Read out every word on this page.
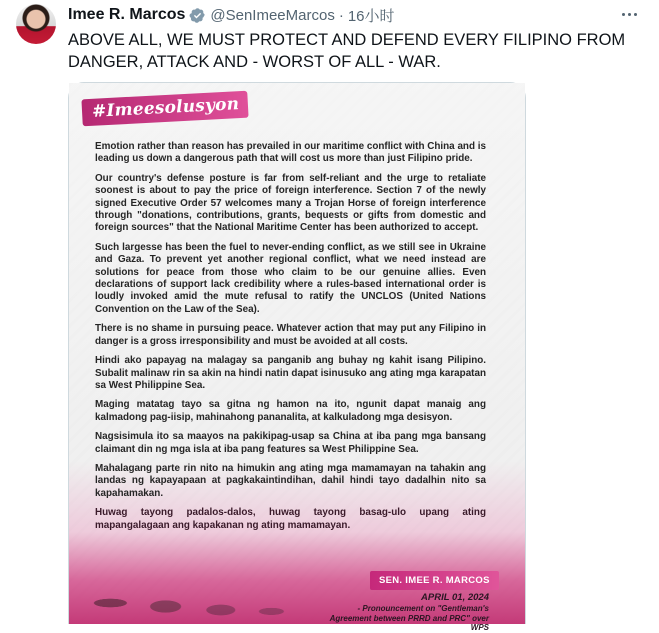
Imee R. Marcos @SenImeeMarcos · 16小时

ABOVE ALL, WE MUST PROTECT AND DEFEND EVERY FILIPINO FROM DANGER, ATTACK AND - WORST OF ALL - WAR.

#Imeesolusyon

Emotion rather than reason has prevailed in our maritime conflict with China and is leading us down a dangerous path that will cost us more than just Filipino pride.

Our country's defense posture is far from self-reliant and the urge to retaliate soonest is about to pay the price of foreign interference. Section 7 of the newly signed Executive Order 57 welcomes many a Trojan Horse of foreign interference through "donations, contributions, grants, bequests or gifts from domestic and foreign sources" that the National Maritime Center has been authorized to accept.

Such largesse has been the fuel to never-ending conflict, as we still see in Ukraine and Gaza. To prevent yet another regional conflict, what we need instead are solutions for peace from those who claim to be our genuine allies. Even declarations of support lack credibility where a rules-based international order is loudly invoked amid the mute refusal to ratify the UNCLOS (United Nations Convention on the Law of the Sea).

There is no shame in pursuing peace. Whatever action that may put any Filipino in danger is a gross irresponsibility and must be avoided at all costs.

Hindi ako papayag na malagay sa panganib ang buhay ng kahit isang Pilipino. Subalit malinaw rin sa akin na hindi natin dapat isinusuko ang ating mga karapatan sa West Philippine Sea.

Maging matatag tayo sa gitna ng hamon na ito, ngunit dapat manaig ang kalmadong pag-iisip, mahinahong pananalita, at kalkuladong mga desisyon.

Nagsisimula ito sa maayos na pakikipag-usap sa China at iba pang mga bansang claimant din ng mga isla at iba pang features sa West Philippine Sea.

Mahalagang parte rin nito na himukin ang ating mga mamamayan na tahakin ang landas ng kapayapaan at pagkakaintindihan, dahil hindi tayo dadalhin nito sa kapahamakan.

Huwag tayong padalos-dalos, huwag tayong basag-ulo upang ating mapangalagaan ang kapakanan ng ating mamamayan.

SEN. IMEE R. MARCOS
APRIL 01, 2024
- Pronouncement on "Gentleman's Agreement between PRRD and PRC" over WPS
